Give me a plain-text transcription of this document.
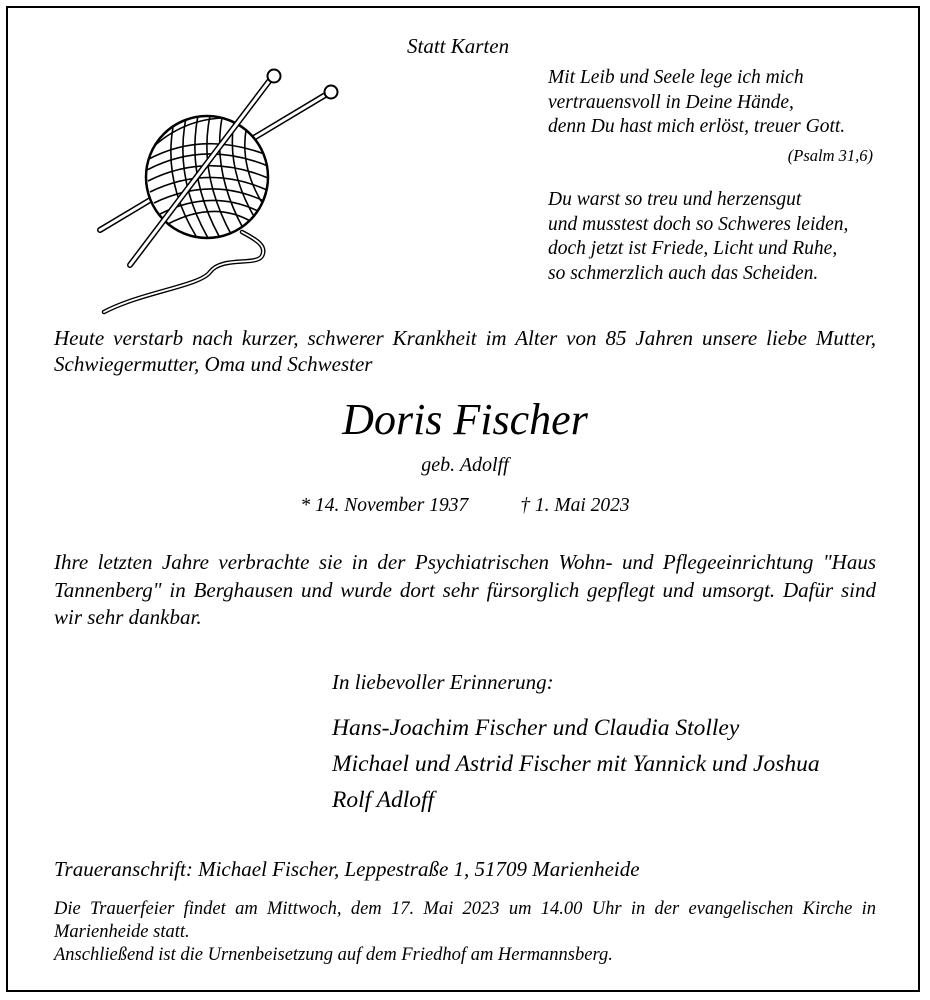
Statt Karten

Mit Leib und Seele lege ich mich
vertrauensvoll in Deine Hände,
denn Du hast mich erlöst, treuer Gott.
(Psalm 31,6)
Du warst so treu und herzensgut
und musstest doch so Schweres leiden,
doch jetzt ist Friede, Licht und Ruhe,
so schmerzlich auch das Scheiden.

Heute verstarb nach kurzer, schwerer Krankheit im Alter von 85 Jahren unsere liebe Mutter, Schwiegermutter, Oma und Schwester

Doris Fischer
geb. Adolff
* 14. November 1937	† 1. Mai 2023

Ihre letzten Jahre verbrachte sie in der Psychiatrischen Wohn- und Pflegeeinrichtung "Haus Tannenberg" in Berghausen und wurde dort sehr fürsorglich gepflegt und umsorgt. Dafür sind wir sehr dankbar.

In liebevoller Erinnerung:
Hans-Joachim Fischer und Claudia Stolley
Michael und Astrid Fischer mit Yannick und Joshua
Rolf Adloff
Traueranschrift: Michael Fischer, Leppestraße 1, 51709 Marienheide
Die Trauerfeier findet am Mittwoch, dem 17. Mai 2023 um 14.00 Uhr in der evangelischen Kirche in Marienheide statt.
Anschließend ist die Urnenbeisetzung auf dem Friedhof am Hermannsberg.
